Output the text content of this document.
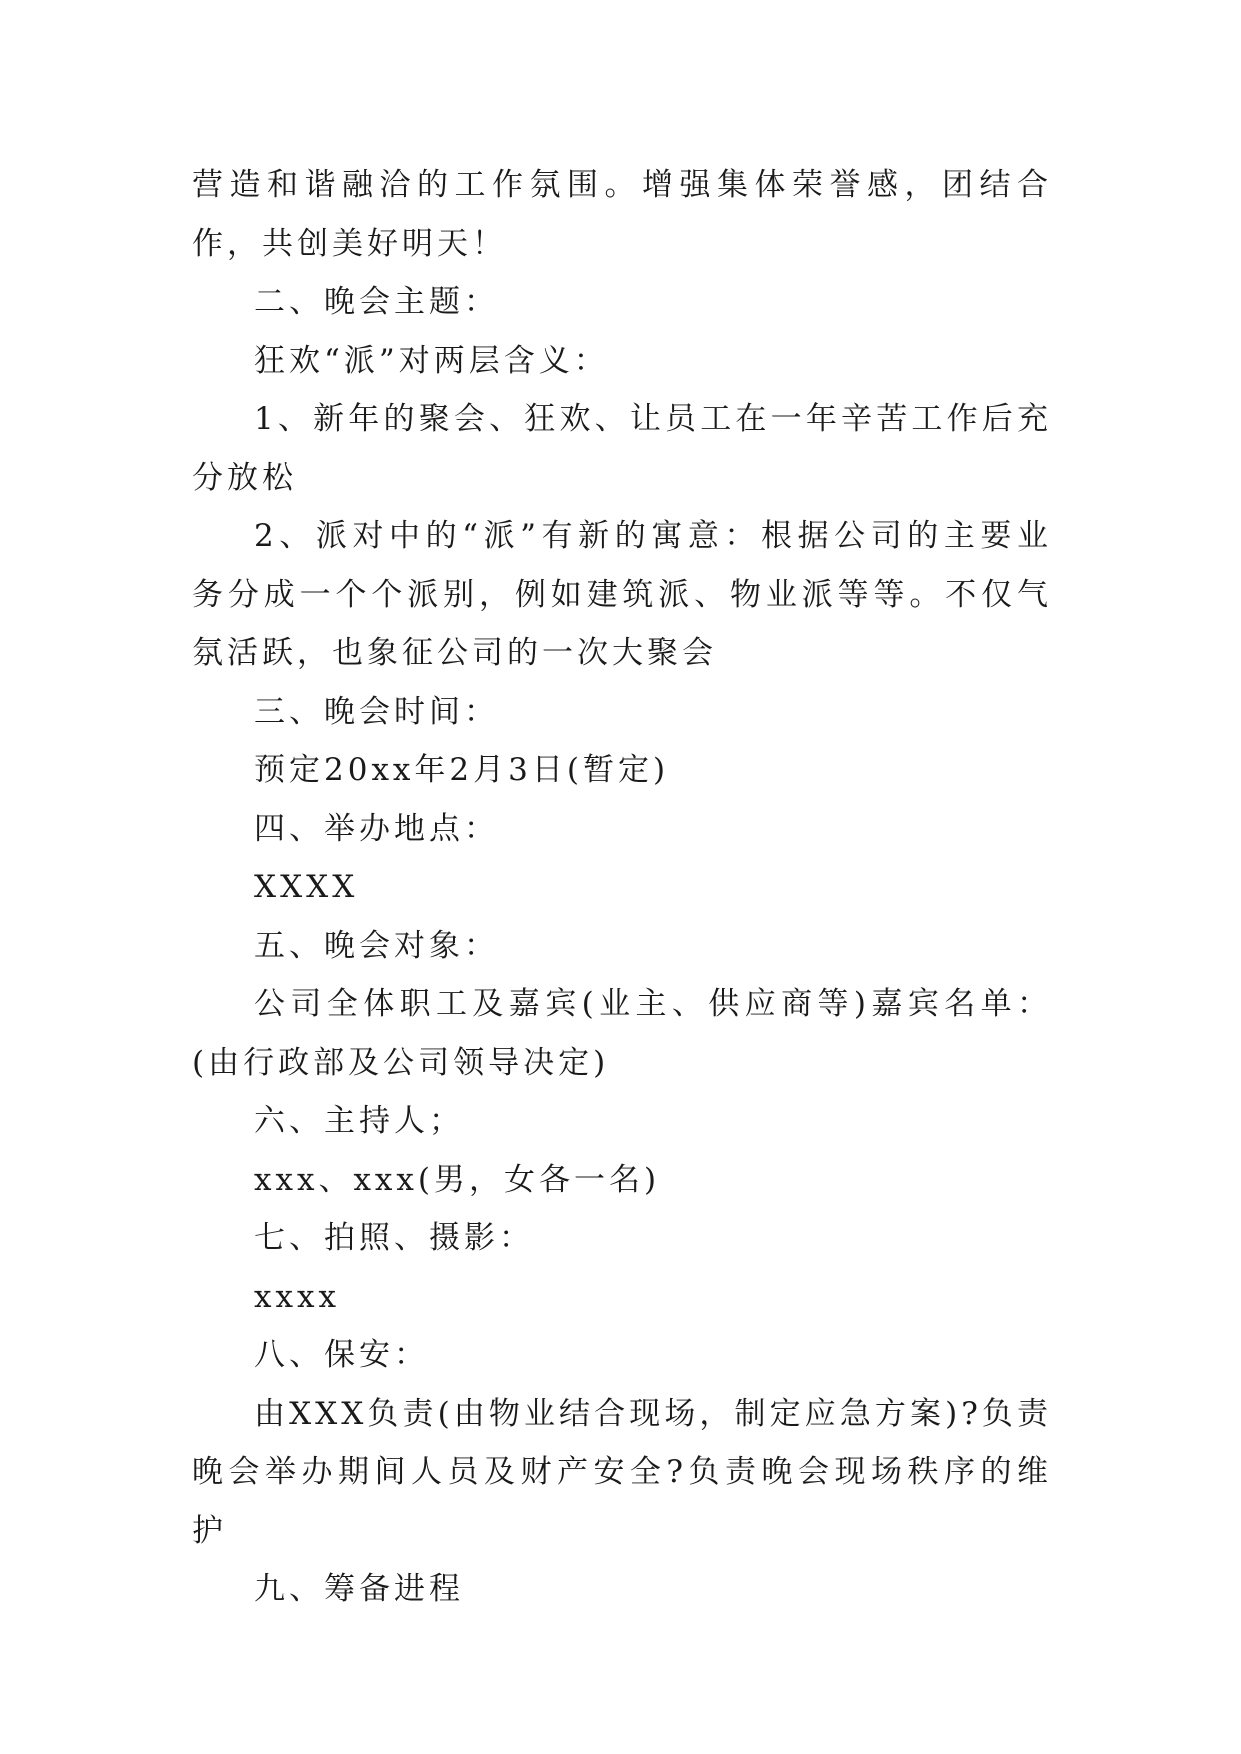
营造和谐融洽的工作氛围。增强集体荣誉感，团结合作，共创美好明天！

二、晚会主题：

狂欢“派”对两层含义：

1、新年的聚会、狂欢、让员工在一年辛苦工作后充分放松

2、派对中的“派”有新的寓意：根据公司的主要业务分成一个个派别，例如建筑派、物业派等等。不仅气氛活跃，也象征公司的一次大聚会

三、晚会时间：

预定20xx年2月3日(暂定)

四、举办地点：

XXXX

五、晚会对象：

公司全体职工及嘉宾(业主、供应商等)嘉宾名单：(由行政部及公司领导决定)

六、主持人；

xxx、xxx(男，女各一名)

七、拍照、摄影：

xxxx

八、保安：

由XXX负责(由物业结合现场，制定应急方案)?负责晚会举办期间人员及财产安全?负责晚会现场秩序的维护

九、筹备进程
